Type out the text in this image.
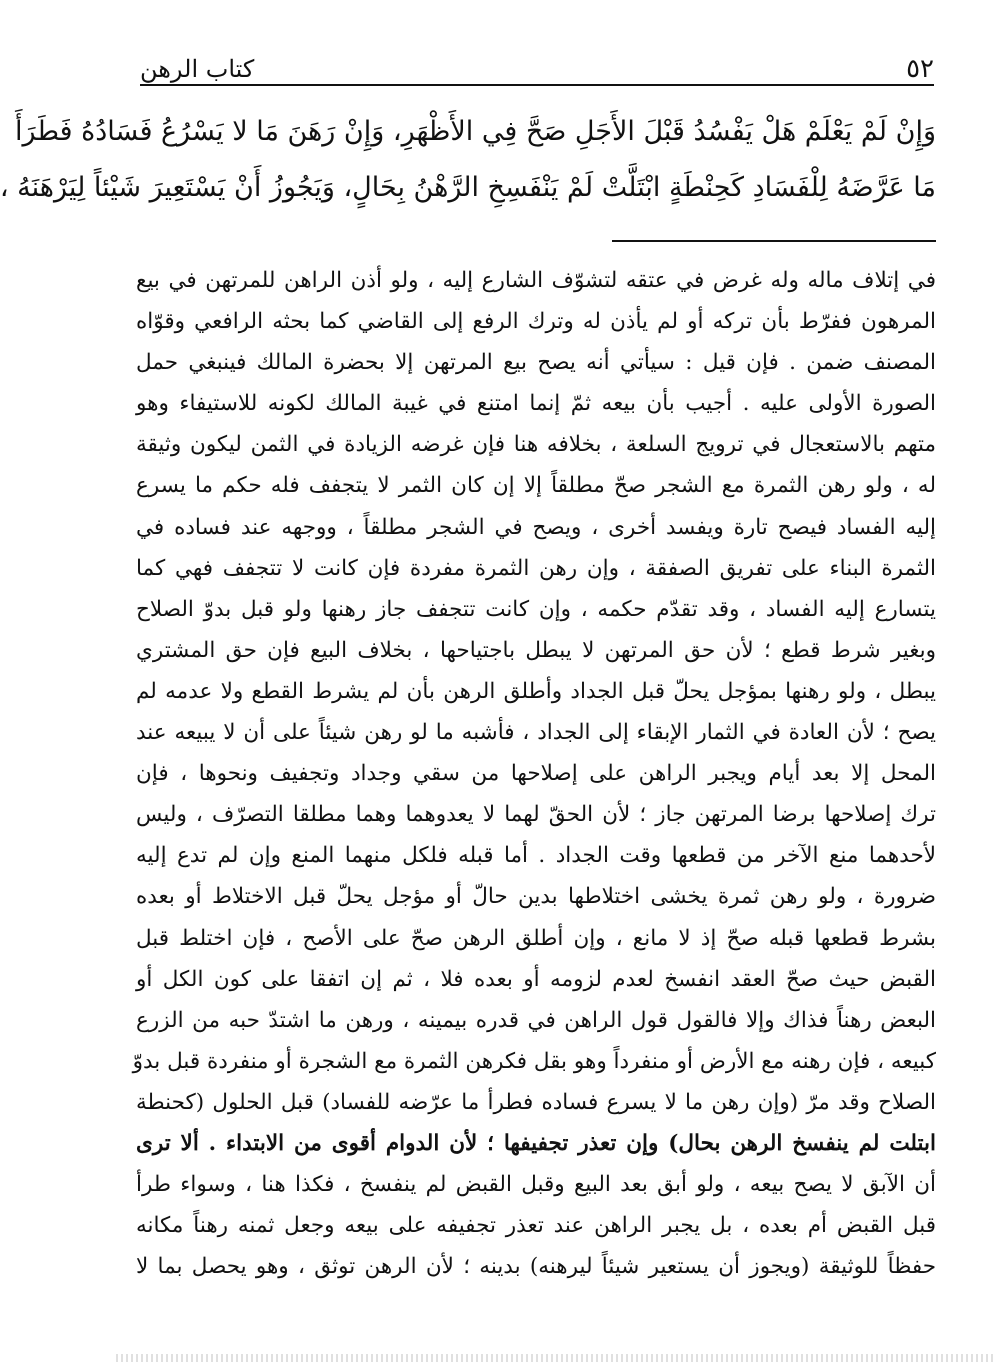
٥٢
كتاب الرهن
وَإِنْ لَمْ يَعْلَمْ هَلْ يَفْسُدُ قَبْلَ الأَجَلِ صَحَّ فِي الأَظْهَرِ، وَإِنْ رَهَنَ مَا لا يَسْرُعُ فَسَادُهُ فَطَرَأَ
مَا عَرَّضَهُ لِلْفَسَادِ كَحِنْطَةٍ ابْتَلَّتْ لَمْ يَنْفَسِخِ الرَّهْنُ بِحَالٍ، وَيَجُوزُ أَنْ يَسْتَعِيرَ شَيْئاً لِيَرْهَنَهُ ،
في إتلاف ماله وله غرض في عتقه لتشوّف الشارع إليه ، ولو أذن الراهن للمرتهن في بيع
المرهون ففرّط بأن تركه أو لم يأذن له وترك الرفع إلى القاضي كما بحثه الرافعي وقوّاه
المصنف ضمن . فإن قيل : سيأتي أنه يصح بيع المرتهن إلا بحضرة المالك فينبغي حمل
الصورة الأولى عليه . أجيب بأن بيعه ثمّ إنما امتنع في غيبة المالك لكونه للاستيفاء وهو
متهم بالاستعجال في ترويج السلعة ، بخلافه هنا فإن غرضه الزيادة في الثمن ليكون وثيقة
له ، ولو رهن الثمرة مع الشجر صحّ مطلقاً إلا إن كان الثمر لا يتجفف فله حكم ما يسرع
إليه الفساد فيصح تارة ويفسد أخرى ، ويصح في الشجر مطلقاً ، ووجهه عند فساده في
الثمرة البناء على تفريق الصفقة ، وإن رهن الثمرة مفردة فإن كانت لا تتجفف فهي كما
يتسارع إليه الفساد ، وقد تقدّم حكمه ، وإن كانت تتجفف جاز رهنها ولو قبل بدوّ الصلاح
وبغير شرط قطع ؛ لأن حق المرتهن لا يبطل باجتياحها ، بخلاف البيع فإن حق المشتري
يبطل ، ولو رهنها بمؤجل يحلّ قبل الجداد وأطلق الرهن بأن لم يشرط القطع ولا عدمه لم
يصح ؛ لأن العادة في الثمار الإبقاء إلى الجداد ، فأشبه ما لو رهن شيئاً على أن لا يبيعه عند
المحل إلا بعد أيام ويجبر الراهن على إصلاحها من سقي وجداد وتجفيف ونحوها ، فإن
ترك إصلاحها برضا المرتهن جاز ؛ لأن الحقّ لهما لا يعدوهما وهما مطلقا التصرّف ، وليس
لأحدهما منع الآخر من قطعها وقت الجداد . أما قبله فلكل منهما المنع وإن لم تدع إليه
ضرورة ، ولو رهن ثمرة يخشى اختلاطها بدين حالّ أو مؤجل يحلّ قبل الاختلاط أو بعده
بشرط قطعها قبله صحّ إذ لا مانع ، وإن أطلق الرهن صحّ على الأصح ، فإن اختلط قبل
القبض حيث صحّ العقد انفسخ لعدم لزومه أو بعده فلا ، ثم إن اتفقا على كون الكل أو
البعض رهناً فذاك وإلا فالقول قول الراهن في قدره بيمينه ، ورهن ما اشتدّ حبه من الزرع
كبيعه ، فإن رهنه مع الأرض أو منفرداً وهو بقل فكرهن الثمرة مع الشجرة أو منفردة قبل بدوّ
الصلاح وقد مرّ (وإن رهن ما لا يسرع فساده فطرأ ما عرّضه للفساد) قبل الحلول (كحنطة
ابتلت لم ينفسخ الرهن بحال) وإن تعذر تجفيفها ؛ لأن الدوام أقوى من الابتداء . ألا ترى
أن الآبق لا يصح بيعه ، ولو أبق بعد البيع وقبل القبض لم ينفسخ ، فكذا هنا ، وسواء طرأ
قبل القبض أم بعده ، بل يجبر الراهن عند تعذر تجفيفه على بيعه وجعل ثمنه رهناً مكانه
حفظاً للوثيقة (ويجوز أن يستعير شيئاً ليرهنه) بدينه ؛ لأن الرهن توثق ، وهو يحصل بما لا
